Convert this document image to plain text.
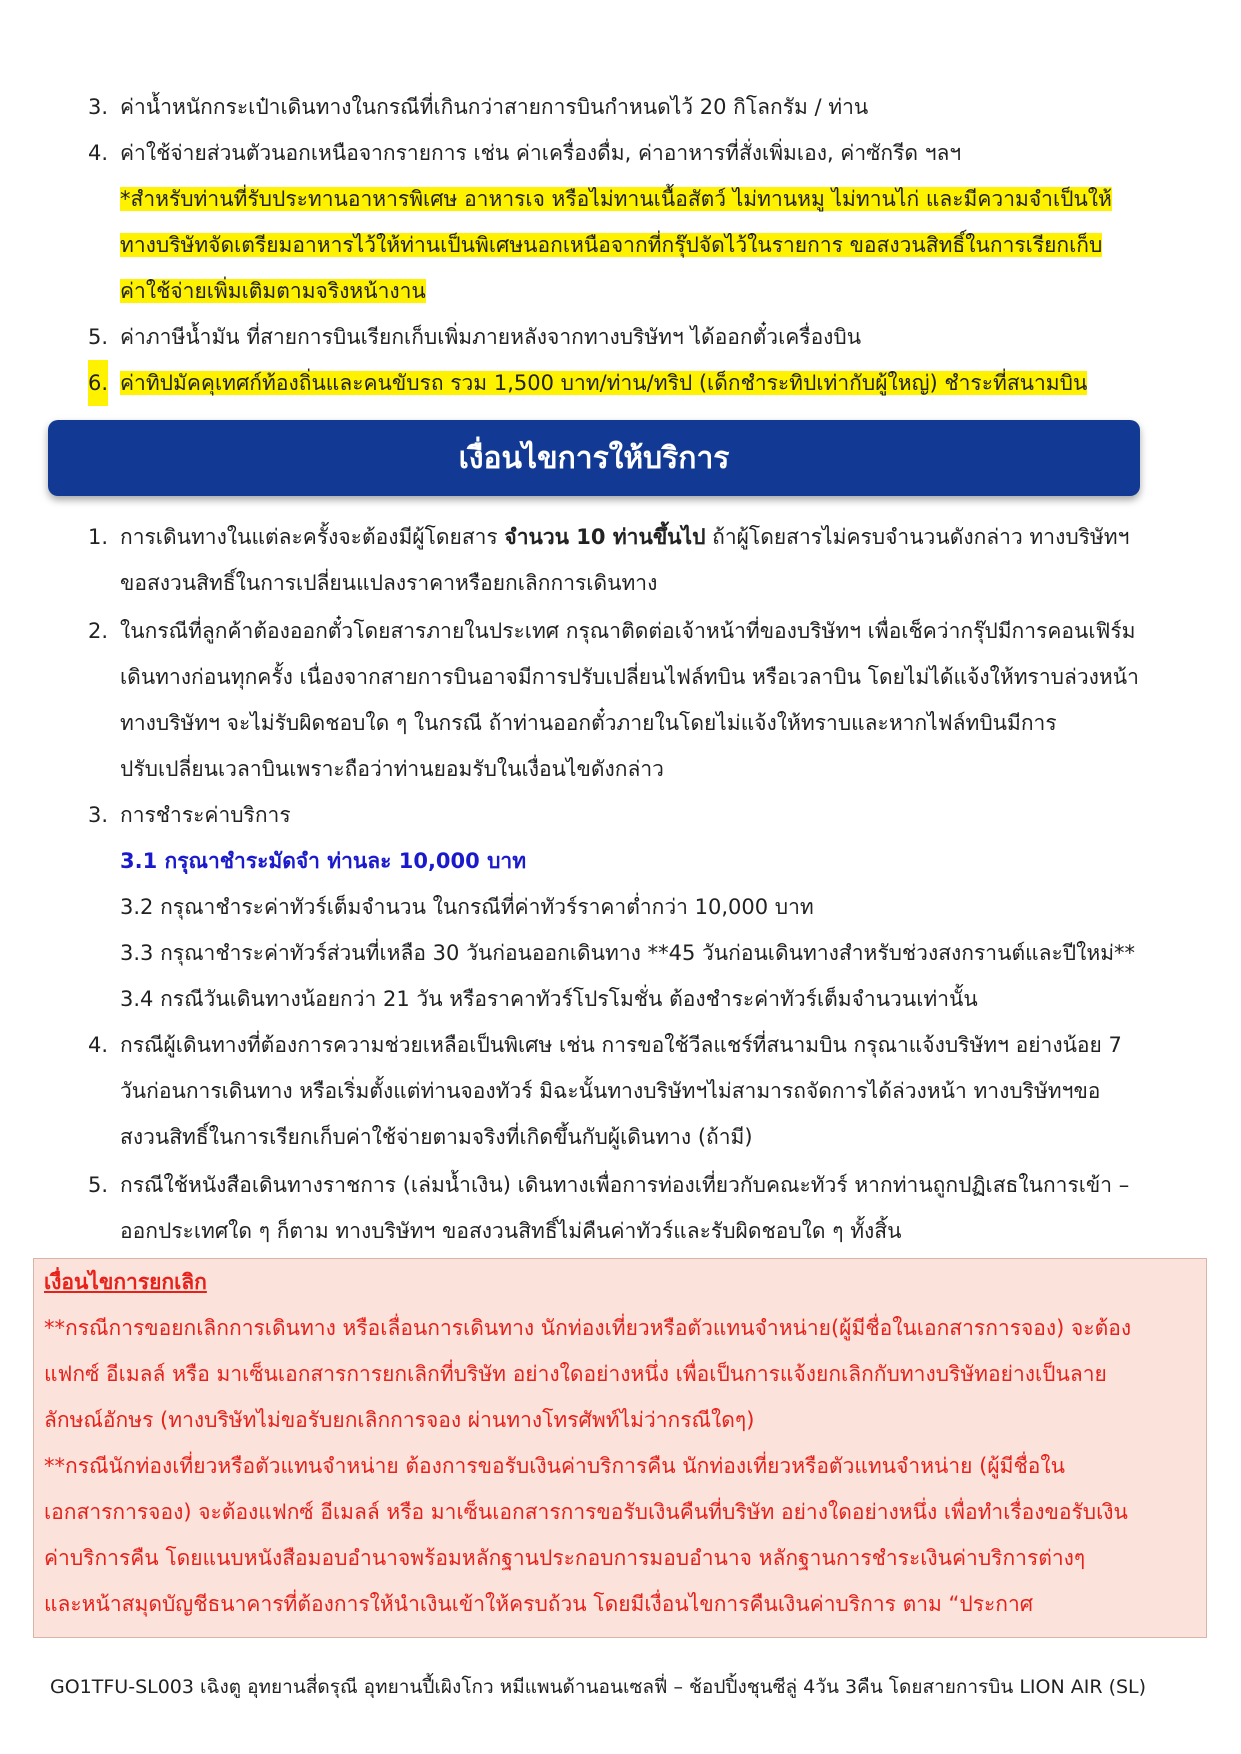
3. ค่าน้ำหนักกระเป๋าเดินทางในกรณีที่เกินกว่าสายการบินกำหนดไว้ 20 กิโลกรัม / ท่าน
4. ค่าใช้จ่ายส่วนตัวนอกเหนือจากรายการ เช่น ค่าเครื่องดื่ม, ค่าอาหารที่สั่งเพิ่มเอง, ค่าซักรีด ฯลฯ
*สำหรับท่านที่รับประทานอาหารพิเศษ อาหารเจ หรือไม่ทานเนื้อสัตว์ ไม่ทานหมู ไม่ทานไก่ และมีความจำเป็นให้
ทางบริษัทจัดเตรียมอาหารไว้ให้ท่านเป็นพิเศษนอกเหนือจากที่กรุ๊ปจัดไว้ในรายการ ขอสงวนสิทธิ์ในการเรียกเก็บ
ค่าใช้จ่ายเพิ่มเติมตามจริงหน้างาน
5. ค่าภาษีน้ำมัน ที่สายการบินเรียกเก็บเพิ่มภายหลังจากทางบริษัทฯ ได้ออกตั๋วเครื่องบิน
6. ค่าทิปมัคคุเทศก์ท้องถิ่นและคนขับรถ รวม 1,500 บาท/ท่าน/ทริป (เด็กชำระทิปเท่ากับผู้ใหญ่) ชำระที่สนามบิน
เงื่อนไขการให้บริการ
1. การเดินทางในแต่ละครั้งจะต้องมีผู้โดยสาร จำนวน 10 ท่านขึ้นไป ถ้าผู้โดยสารไม่ครบจำนวนดังกล่าว ทางบริษัทฯ
ขอสงวนสิทธิ์ในการเปลี่ยนแปลงราคาหรือยกเลิกการเดินทาง
2. ในกรณีที่ลูกค้าต้องออกตั๋วโดยสารภายในประเทศ กรุณาติดต่อเจ้าหน้าที่ของบริษัทฯ เพื่อเช็คว่ากรุ๊ปมีการคอนเฟิร์ม
เดินทางก่อนทุกครั้ง เนื่องจากสายการบินอาจมีการปรับเปลี่ยนไฟล์ทบิน หรือเวลาบิน โดยไม่ได้แจ้งให้ทราบล่วงหน้า
ทางบริษัทฯ จะไม่รับผิดชอบใด ๆ ในกรณี ถ้าท่านออกตั๋วภายในโดยไม่แจ้งให้ทราบและหากไฟล์ทบินมีการ
ปรับเปลี่ยนเวลาบินเพราะถือว่าท่านยอมรับในเงื่อนไขดังกล่าว
3. การชำระค่าบริการ
3.1 กรุณาชำระมัดจำ ท่านละ 10,000 บาท
3.2 กรุณาชำระค่าทัวร์เต็มจำนวน ในกรณีที่ค่าทัวร์ราคาต่ำกว่า 10,000 บาท
3.3 กรุณาชำระค่าทัวร์ส่วนที่เหลือ 30 วันก่อนออกเดินทาง **45 วันก่อนเดินทางสำหรับช่วงสงกรานต์และปีใหม่**
3.4 กรณีวันเดินทางน้อยกว่า 21 วัน หรือราคาทัวร์โปรโมชั่น ต้องชำระค่าทัวร์เต็มจำนวนเท่านั้น
4. กรณีผู้เดินทางที่ต้องการความช่วยเหลือเป็นพิเศษ เช่น การขอใช้วีลแชร์ที่สนามบิน กรุณาแจ้งบริษัทฯ อย่างน้อย 7
วันก่อนการเดินทาง หรือเริ่มตั้งแต่ท่านจองทัวร์ มิฉะนั้นทางบริษัทฯไม่สามารถจัดการได้ล่วงหน้า ทางบริษัทฯขอ
สงวนสิทธิ์ในการเรียกเก็บค่าใช้จ่ายตามจริงที่เกิดขึ้นกับผู้เดินทาง (ถ้ามี)
5. กรณีใช้หนังสือเดินทางราชการ (เล่มน้ำเงิน) เดินทางเพื่อการท่องเที่ยวกับคณะทัวร์ หากท่านถูกปฏิเสธในการเข้า –
ออกประเทศใด ๆ ก็ตาม ทางบริษัทฯ ขอสงวนสิทธิ์ไม่คืนค่าทัวร์และรับผิดชอบใด ๆ ทั้งสิ้น
เงื่อนไขการยกเลิก
**กรณีการขอยกเลิกการเดินทาง หรือเลื่อนการเดินทาง นักท่องเที่ยวหรือตัวแทนจำหน่าย(ผู้มีชื่อในเอกสารการจอง) จะต้อง
แฟกซ์ อีเมลล์ หรือ มาเซ็นเอกสารการยกเลิกที่บริษัท อย่างใดอย่างหนึ่ง เพื่อเป็นการแจ้งยกเลิกกับทางบริษัทอย่างเป็นลาย
ลักษณ์อักษร (ทางบริษัทไม่ขอรับยกเลิกการจอง ผ่านทางโทรศัพท์ไม่ว่ากรณีใดๆ)
**กรณีนักท่องเที่ยวหรือตัวแทนจำหน่าย ต้องการขอรับเงินค่าบริการคืน นักท่องเที่ยวหรือตัวแทนจำหน่าย (ผู้มีชื่อใน
เอกสารการจอง) จะต้องแฟกซ์ อีเมลล์ หรือ มาเซ็นเอกสารการขอรับเงินคืนที่บริษัท อย่างใดอย่างหนึ่ง เพื่อทำเรื่องขอรับเงิน
ค่าบริการคืน โดยแนบหนังสือมอบอำนาจพร้อมหลักฐานประกอบการมอบอำนาจ หลักฐานการชำระเงินค่าบริการต่างๆ
และหน้าสมุดบัญชีธนาคารที่ต้องการให้นำเงินเข้าให้ครบถ้วน โดยมีเงื่อนไขการคืนเงินค่าบริการ ตาม “ประกาศ
GO1TFU-SL003 เฉิงตู อุทยานสี่ดรุณี อุทยานปี้เผิงโกว หมีแพนด้านอนเซลฟี่ – ช้อปปิ้งชุนซีลู่ 4วัน 3คืน โดยสายการบิน LION AIR (SL)
